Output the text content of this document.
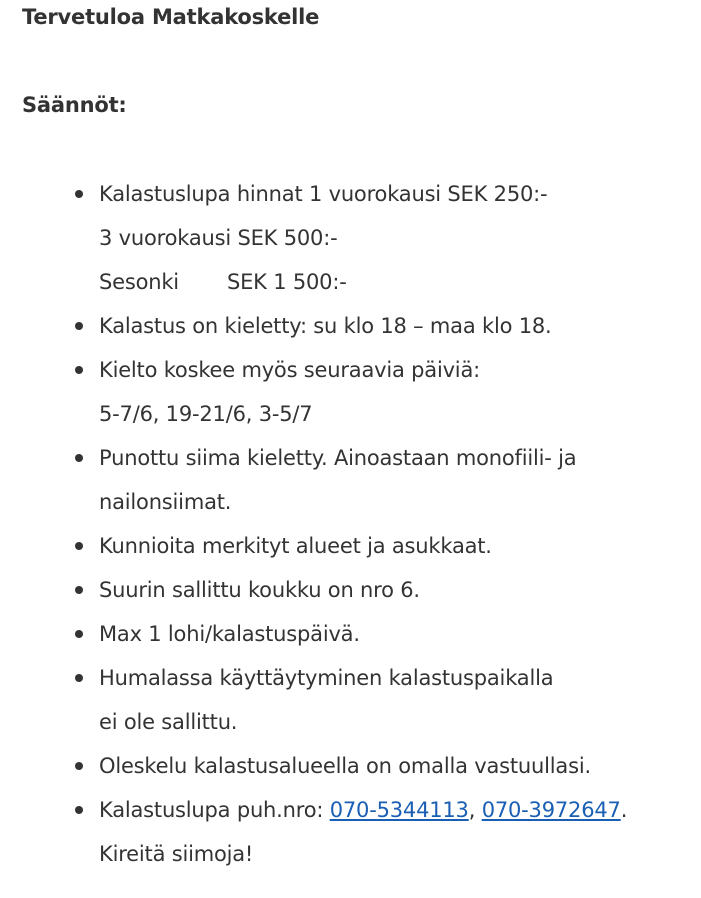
Tervetuloa Matkakoskelle
Säännöt:
Kalastuslupa hinnat 1 vuorokausi SEK 250:-
3 vuorokausi SEK 500:-
Sesonki SEK 1 500:-
Kalastus on kieletty: su klo 18 – maa klo 18.
Kielto koskee myös seuraavia päiviä:
5-7/6, 19-21/6, 3-5/7
Punottu siima kieletty. Ainoastaan monofiili- ja
nailonsiimat.
Kunnioita merkityt alueet ja asukkaat.
Suurin sallittu koukku on nro 6.
Max 1 lohi/kalastuspäivä.
Humalassa käyttäytyminen kalastuspaikalla
ei ole sallittu.
Oleskelu kalastusalueella on omalla vastuullasi.
Kalastuslupa puh.nro: 070-5344113, 070-3972647.
Kireitä siimoja!
